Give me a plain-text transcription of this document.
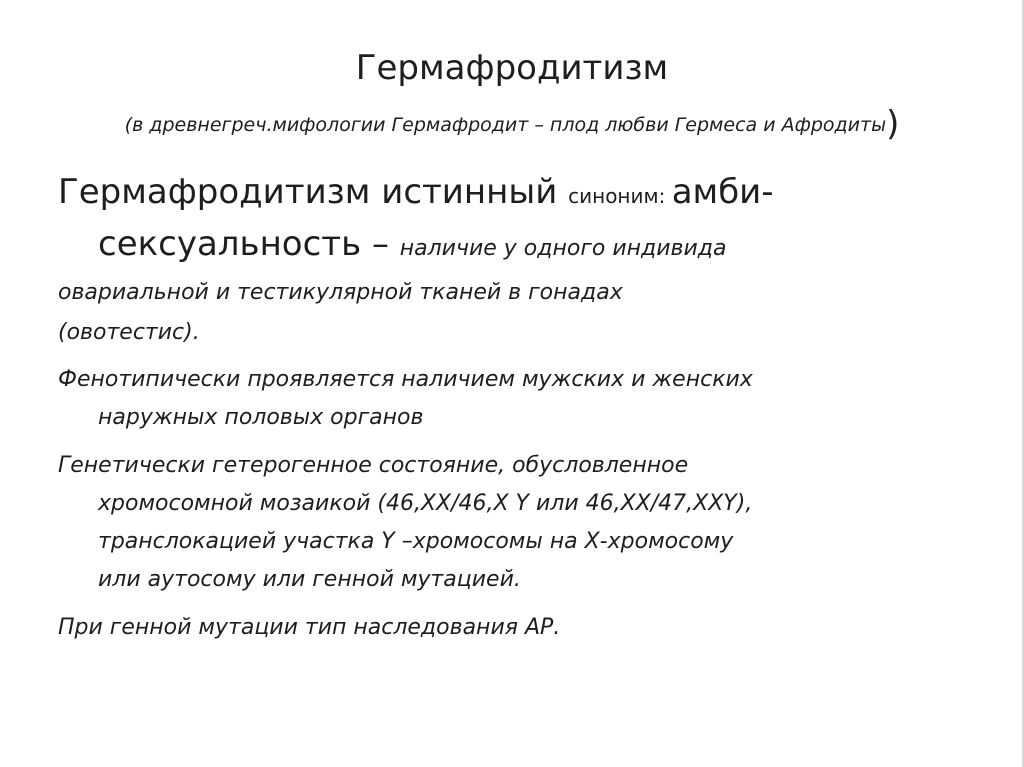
Гермафродитизм
(в древнегреч.мифологии Гермафродит – плод любви Гермеса и Афродиты)

Гермафродитизм истинный синоним: амби-
сексуальность – наличие у одного индивида
овариальной и тестикулярной тканей в гонадах
(овотестис).

Фенотипически проявляется наличием мужских и женских
наружных половых органов

Генетически гетерогенное состояние, обусловленное
хромосомной мозаикой (46,ХХ/46,Х Y или 46,ХХ/47,ХХY),
транслокацией участка Y –хромосомы на Х-хромосому
или аутосому или генной мутацией.

При генной мутации тип наследования АР.
